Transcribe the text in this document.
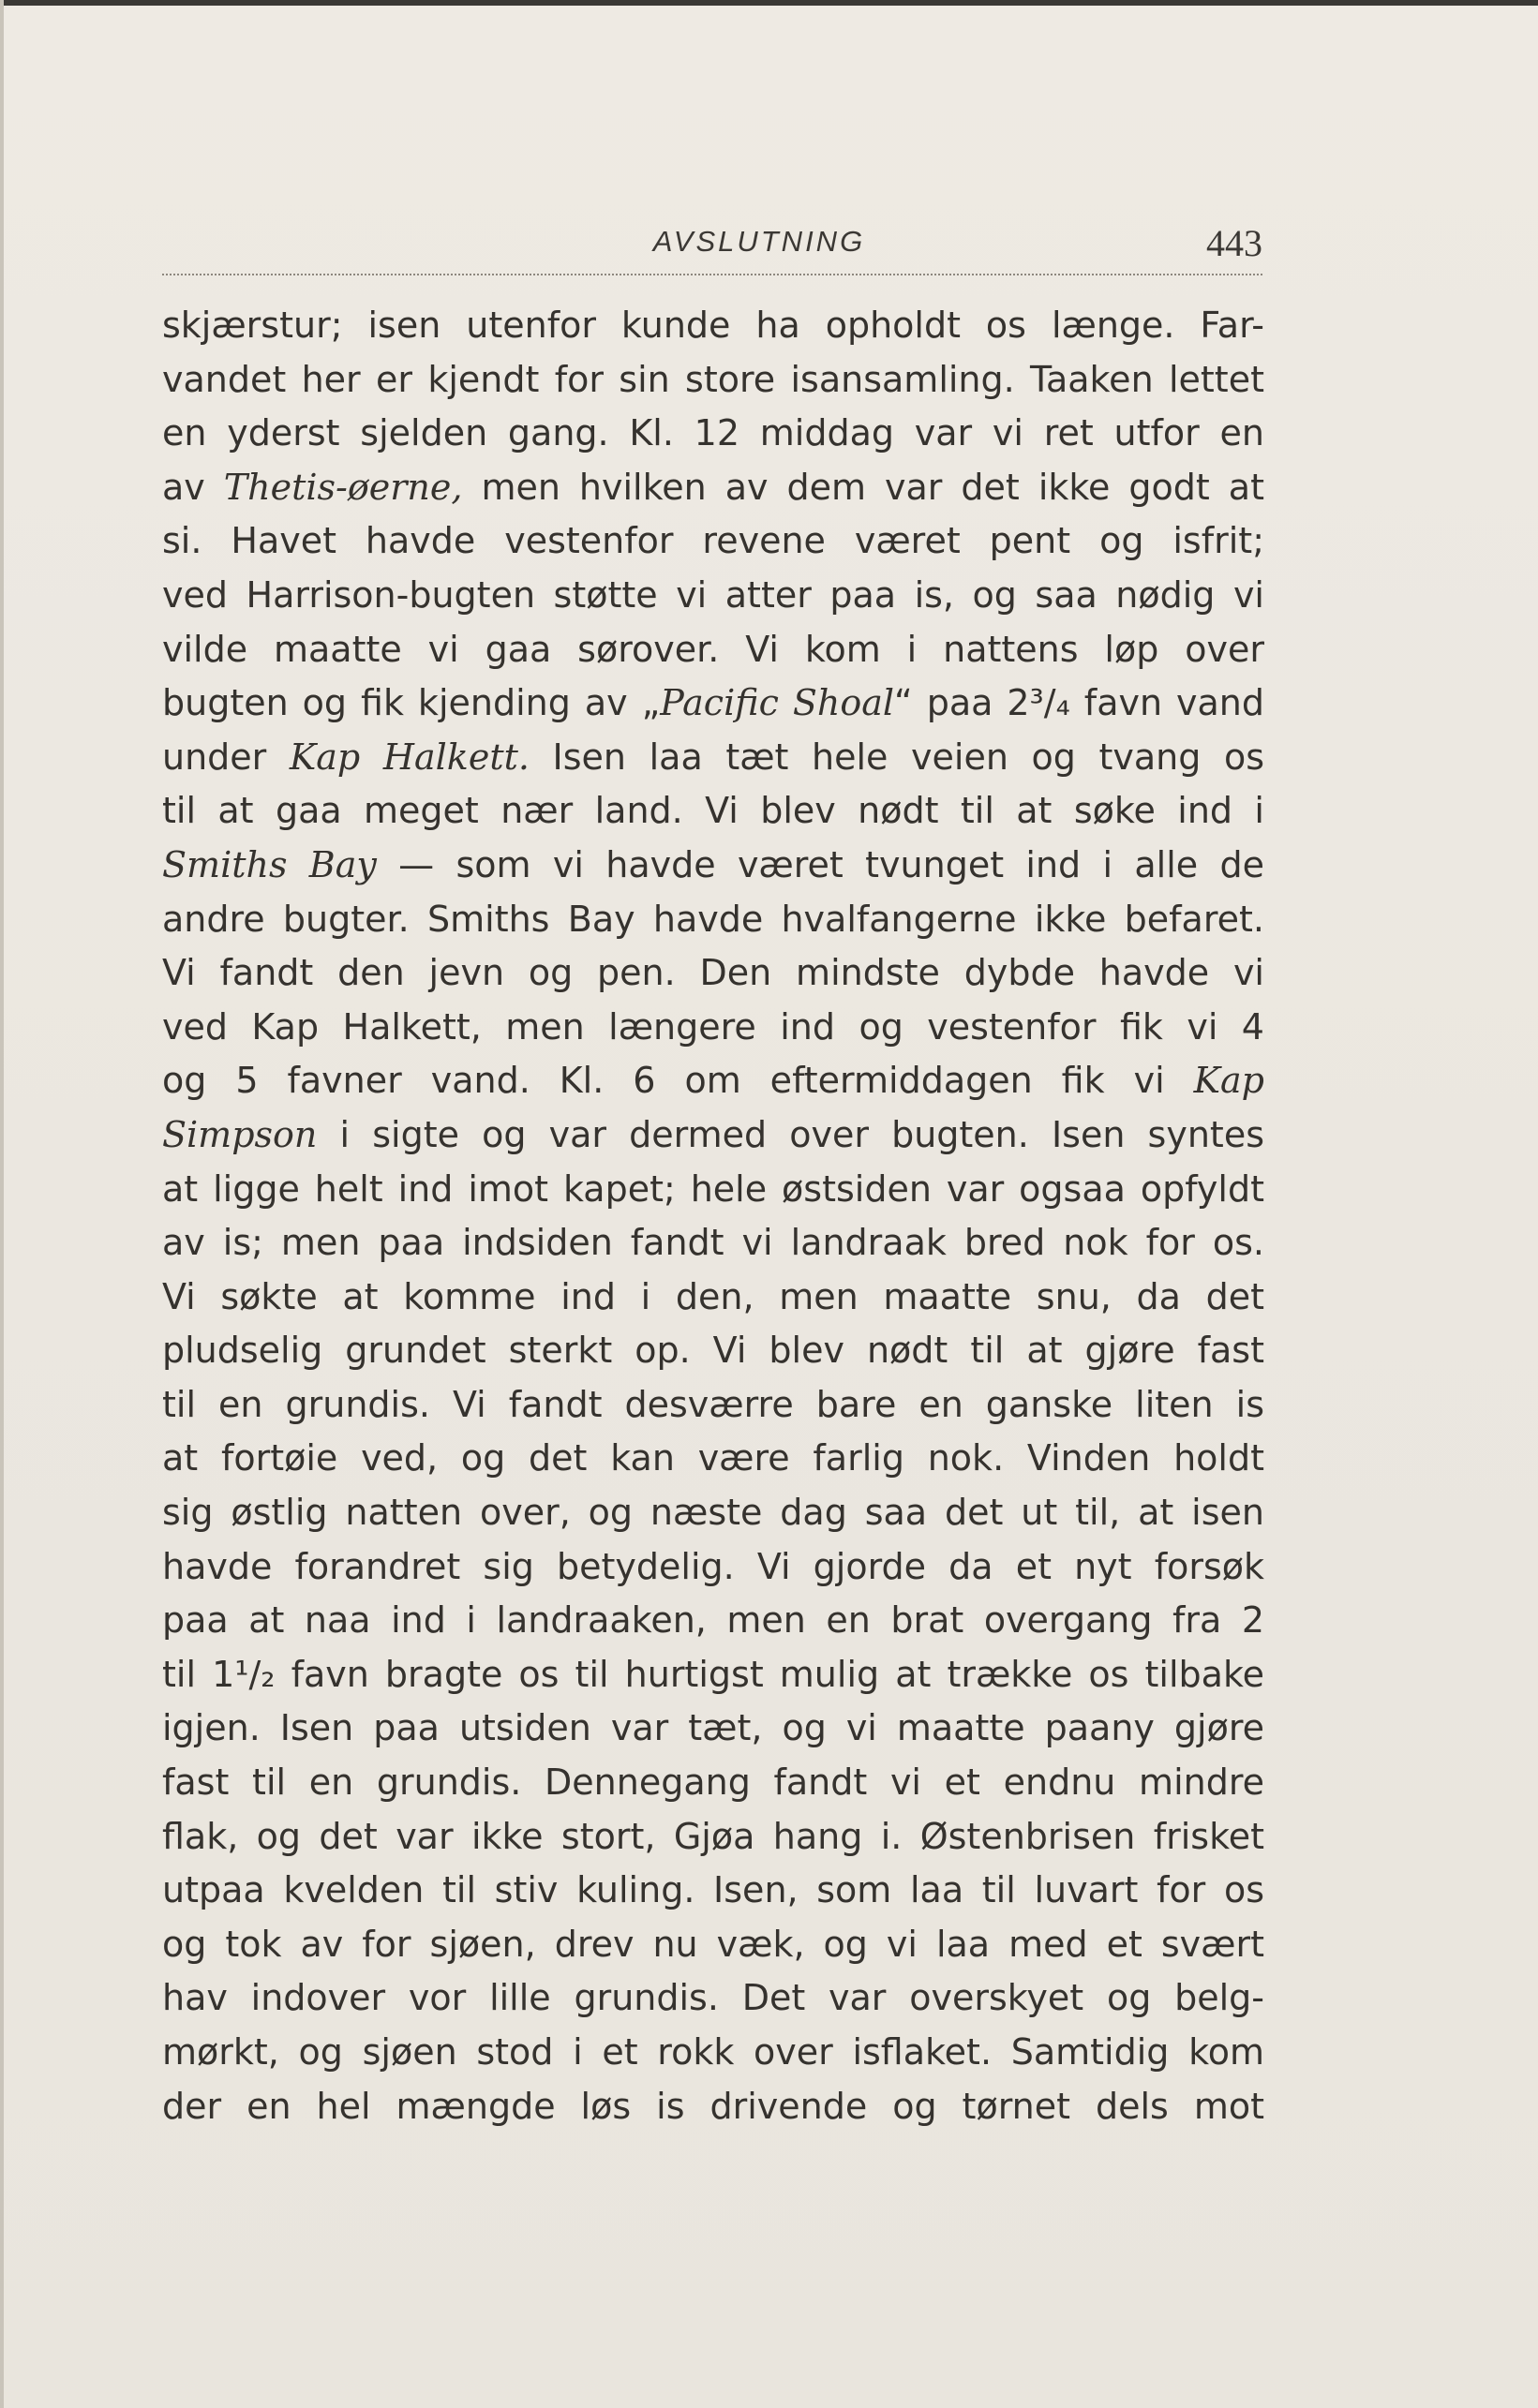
AVSLUTNING	443
skjærstur; isen utenfor kunde ha opholdt os længe. Far-
vandet her er kjendt for sin store isansamling. Taaken lettet
en yderst sjelden gang. Kl. 12 middag var vi ret utfor en
av Thetis-øerne, men hvilken av dem var det ikke godt at
si. Havet havde vestenfor revene været pent og isfrit;
ved Harrison-bugten støtte vi atter paa is, og saa nødig vi
vilde maatte vi gaa sørover. Vi kom i nattens løp over
bugten og fik kjending av „Pacific Shoal“ paa 2³/₄ favn vand
under Kap Halkett. Isen laa tæt hele veien og tvang os
til at gaa meget nær land. Vi blev nødt til at søke ind i
Smiths Bay — som vi havde været tvunget ind i alle de
andre bugter. Smiths Bay havde hvalfangerne ikke befaret.
Vi fandt den jevn og pen. Den mindste dybde havde vi
ved Kap Halkett, men længere ind og vestenfor fik vi 4
og 5 favner vand. Kl. 6 om eftermiddagen fik vi Kap
Simpson i sigte og var dermed over bugten. Isen syntes
at ligge helt ind imot kapet; hele østsiden var ogsaa opfyldt
av is; men paa indsiden fandt vi landraak bred nok for os.
Vi søkte at komme ind i den, men maatte snu, da det
pludselig grundet sterkt op. Vi blev nødt til at gjøre fast
til en grundis. Vi fandt desværre bare en ganske liten is
at fortøie ved, og det kan være farlig nok. Vinden holdt
sig østlig natten over, og næste dag saa det ut til, at isen
havde forandret sig betydelig. Vi gjorde da et nyt forsøk
paa at naa ind i landraaken, men en brat overgang fra 2
til 1¹/₂ favn bragte os til hurtigst mulig at trække os tilbake
igjen. Isen paa utsiden var tæt, og vi maatte paany gjøre
fast til en grundis. Dennegang fandt vi et endnu mindre
flak, og det var ikke stort, Gjøa hang i. Østenbrisen frisket
utpaa kvelden til stiv kuling. Isen, som laa til luvart for os
og tok av for sjøen, drev nu væk, og vi laa med et svært
hav indover vor lille grundis. Det var overskyet og belg-
mørkt, og sjøen stod i et rokk over isflaket. Samtidig kom
der en hel mængde løs is drivende og tørnet dels mot
